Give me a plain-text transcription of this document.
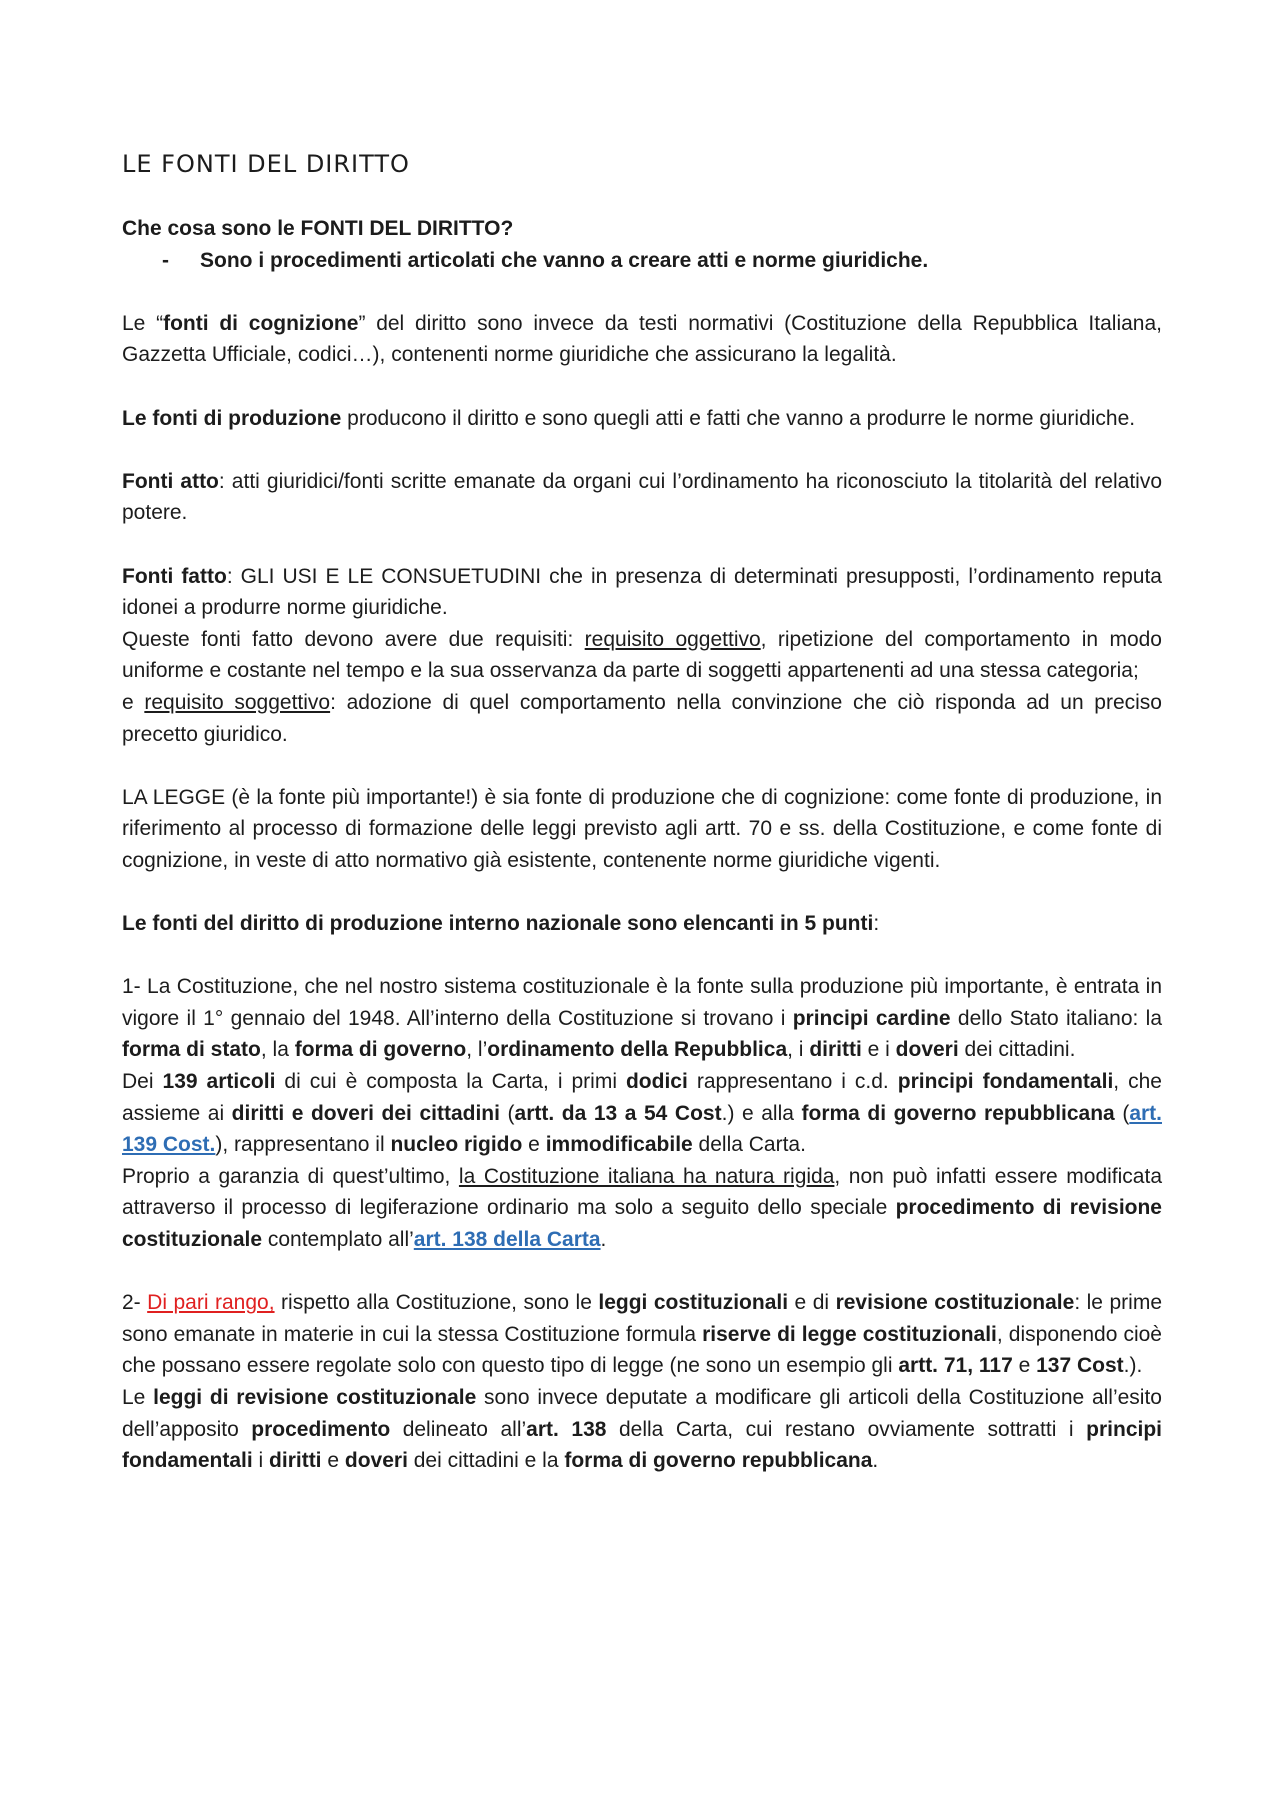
LE FONTI DEL DIRITTO

Che cosa sono le FONTI DEL DIRITTO?

-	Sono i procedimenti articolati che vanno a creare atti e norme giuridiche.

Le “fonti di cognizione” del diritto sono invece da testi normativi (Costituzione della Repubblica Italiana, Gazzetta Ufficiale, codici…), contenenti norme giuridiche che assicurano la legalità.

Le fonti di produzione producono il diritto e sono quegli atti e fatti che vanno a produrre le norme giuridiche.

Fonti atto: atti giuridici/fonti scritte emanate da organi cui l’ordinamento ha riconosciuto la titolarità del relativo potere.

Fonti fatto: GLI USI E LE CONSUETUDINI che in presenza di determinati presupposti, l’ordinamento reputa idonei a produrre norme giuridiche.

Queste fonti fatto devono avere due requisiti: requisito oggettivo, ripetizione del comportamento in modo uniforme e costante nel tempo e la sua osservanza da parte di soggetti appartenenti ad una stessa categoria;

e requisito soggettivo: adozione di quel comportamento nella convinzione che ciò risponda ad un preciso precetto giuridico.

LA LEGGE (è la fonte più importante!) è sia fonte di produzione che di cognizione: come fonte di produzione, in riferimento al processo di formazione delle leggi previsto agli artt. 70 e ss. della Costituzione, e come fonte di cognizione, in veste di atto normativo già esistente, contenente norme giuridiche vigenti.

Le fonti del diritto di produzione interno nazionale sono elencanti in 5 punti:

1- La Costituzione, che nel nostro sistema costituzionale è la fonte sulla produzione più importante, è entrata in vigore il 1° gennaio del 1948. All’interno della Costituzione si trovano i principi cardine dello Stato italiano: la forma di stato, la forma di governo, l’ordinamento della Repubblica, i diritti e i doveri dei cittadini.

Dei 139 articoli di cui è composta la Carta, i primi dodici rappresentano i c.d. principi fondamentali, che assieme ai diritti e doveri dei cittadini (artt. da 13 a 54 Cost.) e alla forma di governo repubblicana (art. 139 Cost.), rappresentano il nucleo rigido e immodificabile della Carta.

Proprio a garanzia di quest’ultimo, la Costituzione italiana ha natura rigida, non può infatti essere modificata attraverso il processo di legiferazione ordinario ma solo a seguito dello speciale procedimento di revisione costituzionale contemplato all’art. 138 della Carta.

2- Di pari rango, rispetto alla Costituzione, sono le leggi costituzionali e di revisione costituzionale: le prime sono emanate in materie in cui la stessa Costituzione formula riserve di legge costituzionali, disponendo cioè che possano essere regolate solo con questo tipo di legge (ne sono un esempio gli artt. 71, 117 e 137 Cost.).

Le leggi di revisione costituzionale sono invece deputate a modificare gli articoli della Costituzione all’esito dell’apposito procedimento delineato all’art. 138 della Carta, cui restano ovviamente sottratti i principi fondamentali i diritti e doveri dei cittadini e la forma di governo repubblicana.
